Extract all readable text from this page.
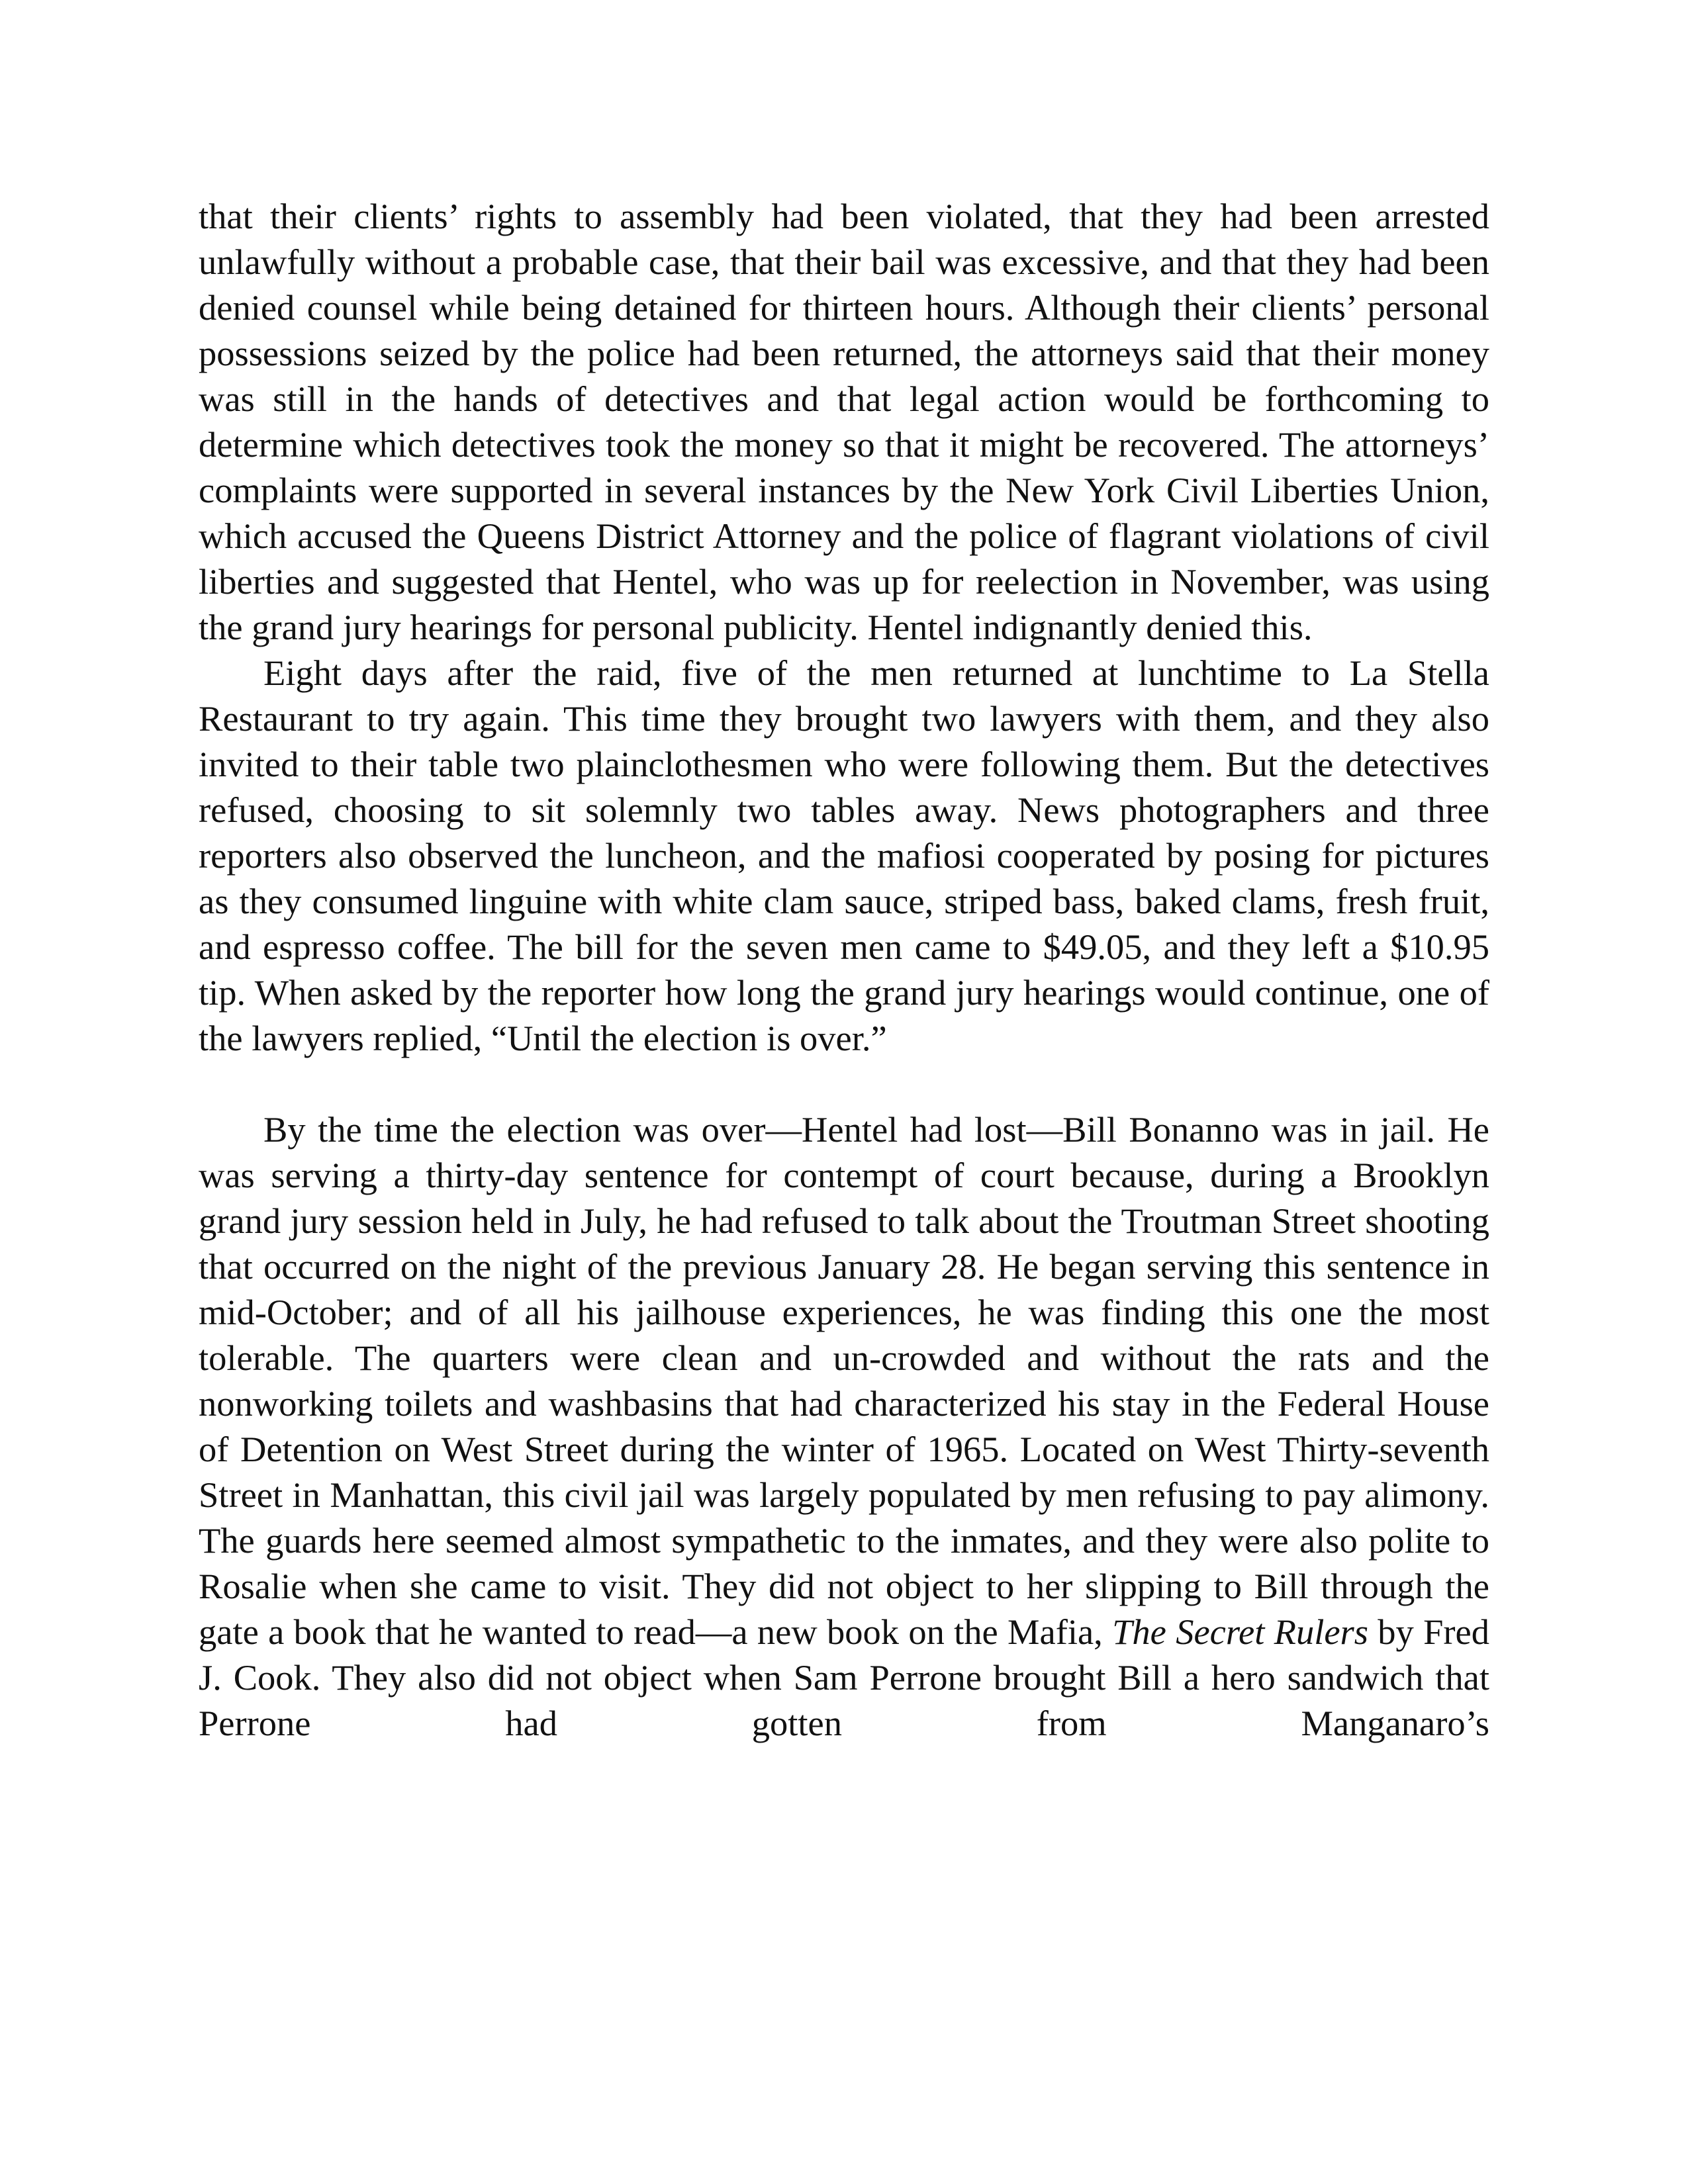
that their clients’ rights to assembly had been violated, that they had been arrested unlawfully without a probable case, that their bail was excessive, and that they had been denied counsel while being detained for thirteen hours. Although their clients’ personal possessions seized by the police had been returned, the attorneys said that their money was still in the hands of detectives and that legal action would be forthcoming to determine which detectives took the money so that it might be recovered. The attorneys’ complaints were supported in several instances by the New York Civil Liberties Union, which accused the Queens District Attorney and the police of flagrant violations of civil liberties and suggested that Hentel, who was up for reelection in November, was using the grand jury hearings for personal publicity. Hentel indignantly denied this.

Eight days after the raid, five of the men returned at lunchtime to La Stella Restaurant to try again. This time they brought two lawyers with them, and they also invited to their table two plainclothesmen who were following them. But the detectives refused, choosing to sit solemnly two tables away. News photographers and three reporters also observed the luncheon, and the mafiosi cooperated by posing for pictures as they consumed linguine with white clam sauce, striped bass, baked clams, fresh fruit, and espresso coffee. The bill for the seven men came to $49.05, and they left a $10.95 tip. When asked by the reporter how long the grand jury hearings would continue, one of the lawyers replied, “Until the election is over.”

By the time the election was over—Hentel had lost—Bill Bonanno was in jail. He was serving a thirty-day sentence for contempt of court because, during a Brooklyn grand jury session held in July, he had refused to talk about the Troutman Street shooting that occurred on the night of the previous January 28. He began serving this sentence in mid-October; and of all his jailhouse experiences, he was finding this one the most tolerable. The quarters were clean and un-crowded and without the rats and the nonworking toilets and washbasins that had characterized his stay in the Federal House of Detention on West Street during the winter of 1965. Located on West Thirty-seventh Street in Manhattan, this civil jail was largely populated by men refusing to pay alimony. The guards here seemed almost sympathetic to the inmates, and they were also polite to Rosalie when she came to visit. They did not object to her slipping to Bill through the gate a book that he wanted to read—a new book on the Mafia, The Secret Rulers by Fred J. Cook. They also did not object when Sam Perrone brought Bill a hero sandwich that Perrone had gotten from Manganaro’s
